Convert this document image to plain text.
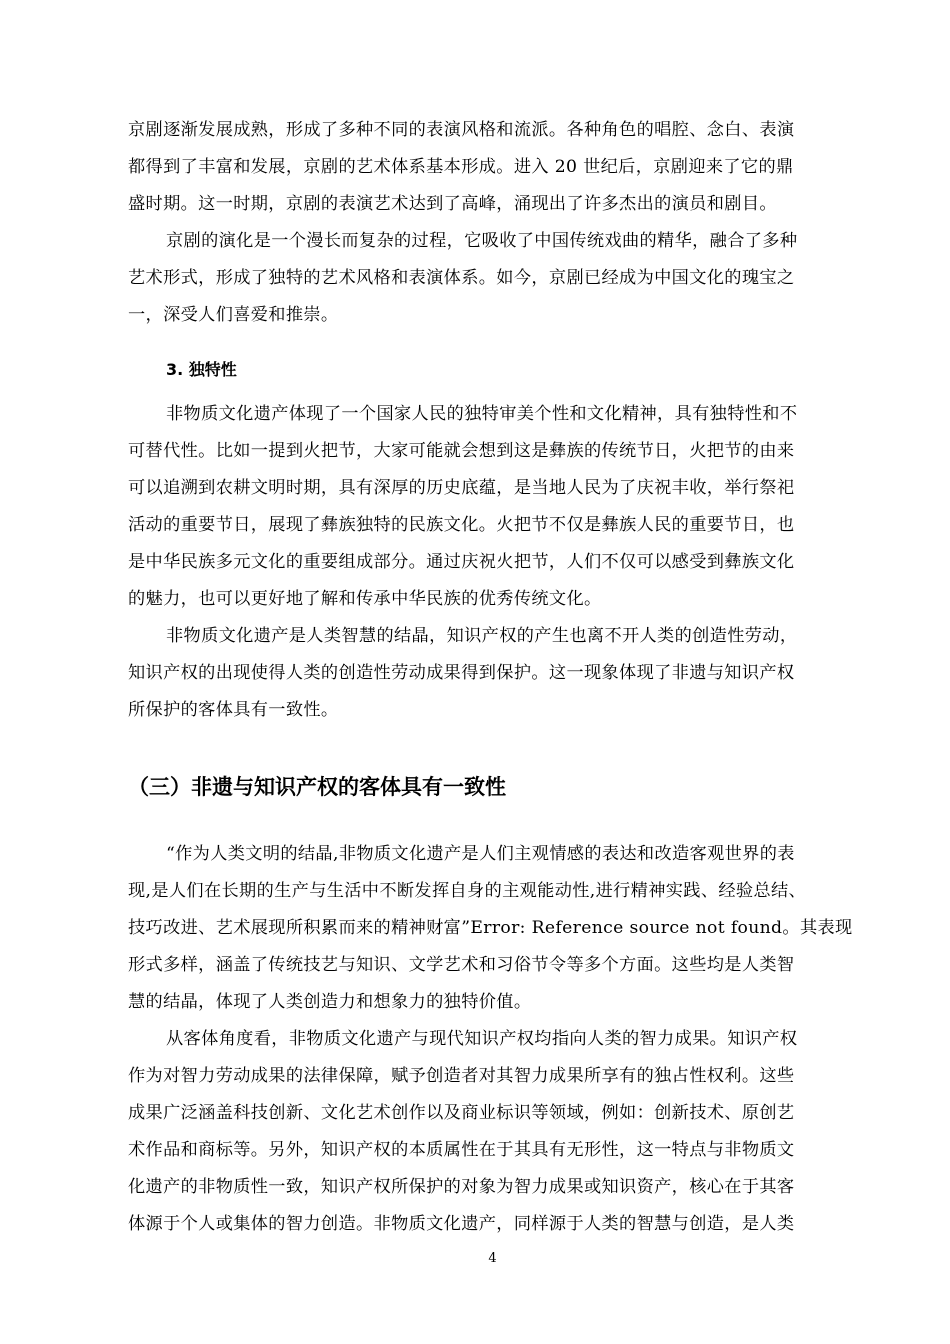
京剧逐渐发展成熟，形成了多种不同的表演风格和流派。各种角色的唱腔、念白、表演
都得到了丰富和发展，京剧的艺术体系基本形成。进入 20 世纪后，京剧迎来了它的鼎
盛时期。这一时期，京剧的表演艺术达到了高峰，涌现出了许多杰出的演员和剧目。
京剧的演化是一个漫长而复杂的过程，它吸收了中国传统戏曲的精华，融合了多种
艺术形式，形成了独特的艺术风格和表演体系。如今，京剧已经成为中国文化的瑰宝之
一，深受人们喜爱和推崇。
3. 独特性
非物质文化遗产体现了一个国家人民的独特审美个性和文化精神，具有独特性和不
可替代性。比如一提到火把节，大家可能就会想到这是彝族的传统节日，火把节的由来
可以追溯到农耕文明时期，具有深厚的历史底蕴，是当地人民为了庆祝丰收，举行祭祀
活动的重要节日，展现了彝族独特的民族文化。火把节不仅是彝族人民的重要节日，也
是中华民族多元文化的重要组成部分。通过庆祝火把节，人们不仅可以感受到彝族文化
的魅力，也可以更好地了解和传承中华民族的优秀传统文化。
非物质文化遗产是人类智慧的结晶，知识产权的产生也离不开人类的创造性劳动，
知识产权的出现使得人类的创造性劳动成果得到保护。这一现象体现了非遗与知识产权
所保护的客体具有一致性。
（三）非遗与知识产权的客体具有一致性
“作为人类文明的结晶,非物质文化遗产是人们主观情感的表达和改造客观世界的表
现,是人们在长期的生产与生活中不断发挥自身的主观能动性,进行精神实践、经验总结、
技巧改进、艺术展现所积累而来的精神财富”Error: Reference source not found。其表现
形式多样，涵盖了传统技艺与知识、文学艺术和习俗节令等多个方面。这些均是人类智
慧的结晶，体现了人类创造力和想象力的独特价值。
从客体角度看，非物质文化遗产与现代知识产权均指向人类的智力成果。知识产权
作为对智力劳动成果的法律保障，赋予创造者对其智力成果所享有的独占性权利。这些
成果广泛涵盖科技创新、文化艺术创作以及商业标识等领域，例如：创新技术、原创艺
术作品和商标等。另外，知识产权的本质属性在于其具有无形性，这一特点与非物质文
化遗产的非物质性一致，知识产权所保护的对象为智力成果或知识资产，核心在于其客
体源于个人或集体的智力创造。非物质文化遗产，同样源于人类的智慧与创造，是人类
4
